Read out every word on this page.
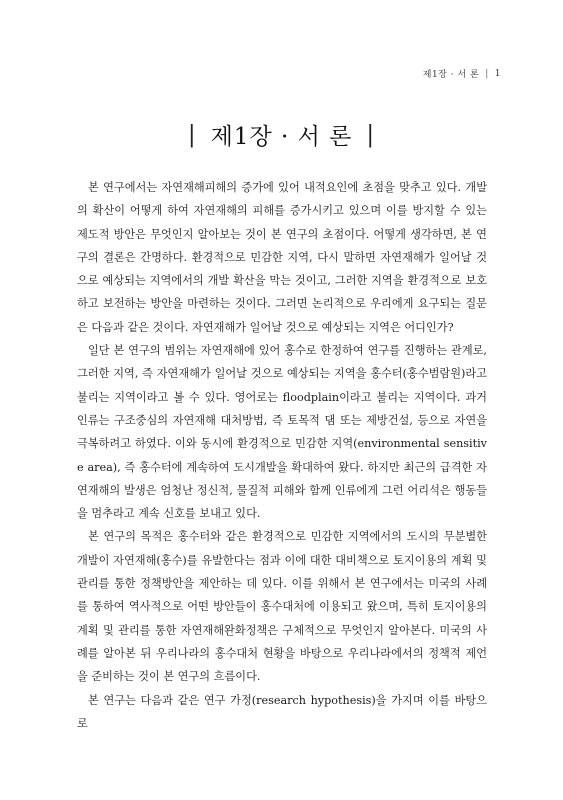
제1장 · 서 론 | 1
| 제1장 · 서 론 |

본 연구에서는 자연재해피해의 증가에 있어 내적요인에 초점을 맞추고 있다. 개발의 확산이 어떻게 하여 자연재해의 피해를 증가시키고 있으며 이를 방지할 수 있는 제도적 방안은 무엇인지 알아보는 것이 본 연구의 초점이다. 어떻게 생각하면, 본 연구의 결론은 간명하다. 환경적으로 민감한 지역, 다시 말하면 자연재해가 일어날 것으로 예상되는 지역에서의 개발 확산을 막는 것이고, 그러한 지역을 환경적으로 보호하고 보전하는 방안을 마련하는 것이다. 그러면 논리적으로 우리에게 요구되는 질문은 다음과 같은 것이다. 자연재해가 일어날 것으로 예상되는 지역은 어디인가?

일단 본 연구의 범위는 자연재해에 있어 홍수로 한정하여 연구를 진행하는 관계로, 그러한 지역, 즉 자연재해가 일어날 것으로 예상되는 지역을 홍수터(홍수범람원)라고 불리는 지역이라고 볼 수 있다. 영어로는 floodplain이라고 불리는 지역이다. 과거 인류는 구조중심의 자연재해 대처방법, 즉 토목적 댐 또는 제방건설, 등으로 자연을 극복하려고 하였다. 이와 동시에 환경적으로 민감한 지역(environmental sensitive area), 즉 홍수터에 계속하여 도시개발을 확대하여 왔다. 하지만 최근의 급격한 자연재해의 발생은 엄청난 정신적, 물질적 피해와 함께 인류에게 그런 어리석은 행동들을 멈추라고 계속 신호를 보내고 있다.

본 연구의 목적은 홍수터와 같은 환경적으로 민감한 지역에서의 도시의 무분별한 개발이 자연재해(홍수)를 유발한다는 점과 이에 대한 대비책으로 토지이용의 계획 및 관리를 통한 정책방안을 제안하는 데 있다. 이를 위해서 본 연구에서는 미국의 사례를 통하여 역사적으로 어떤 방안들이 홍수대처에 이용되고 왔으며, 특히 토지이용의 계획 및 관리를 통한 자연재해완화정책은 구체적으로 무엇인지 알아본다. 미국의 사례를 알아본 뒤 우리나라의 홍수대처 현황을 바탕으로 우리나라에서의 정책적 제언을 준비하는 것이 본 연구의 흐름이다.

본 연구는 다음과 같은 연구 가정(research hypothesis)을 가지며 이를 바탕으로
